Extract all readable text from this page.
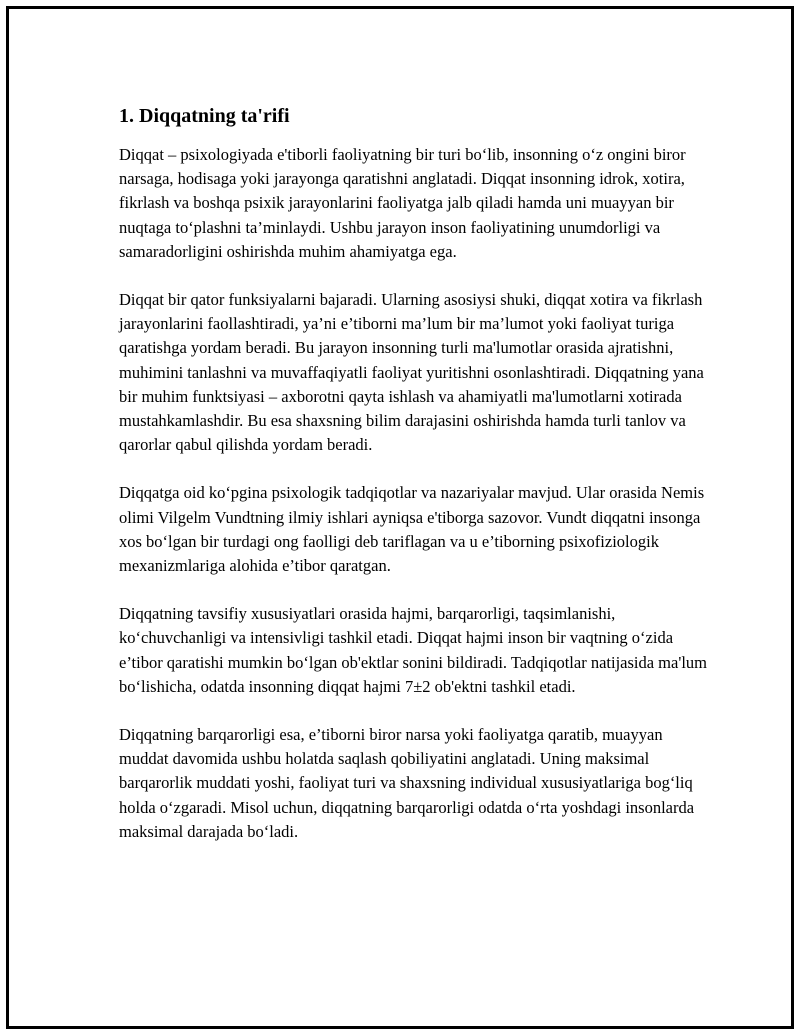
1. Diqqatning ta'rifi

Diqqat – psixologiyada e'tiborli faoliyatning bir turi bo‘lib, insonning o‘z ongini biror narsaga, hodisaga yoki jarayonga qaratishni anglatadi. Diqqat insonning idrok, xotira, fikrlash va boshqa psixik jarayonlarini faoliyatga jalb qiladi hamda uni muayyan bir nuqtaga to‘plashni ta’minlaydi. Ushbu jarayon inson faoliyatining unumdorligi va samaradorligini oshirishda muhim ahamiyatga ega.

Diqqat bir qator funksiyalarni bajaradi. Ularning asosiysi shuki, diqqat xotira va fikrlash jarayonlarini faollashtiradi, ya’ni e’tiborni ma’lum bir ma’lumot yoki faoliyat turiga qaratishga yordam beradi. Bu jarayon insonning turli ma'lumotlar orasida ajratishni, muhimini tanlashni va muvaffaqiyatli faoliyat yuritishni osonlashtiradi. Diqqatning yana bir muhim funktsiyasi – axborotni qayta ishlash va ahamiyatli ma'lumotlarni xotirada mustahkamlashdir. Bu esa shaxsning bilim darajasini oshirishda hamda turli tanlov va qarorlar qabul qilishda yordam beradi.

Diqqatga oid ko‘pgina psixologik tadqiqotlar va nazariyalar mavjud. Ular orasida Nemis olimi Vilgelm Vundtning ilmiy ishlari ayniqsa e'tiborga sazovor. Vundt diqqatni insonga xos bo‘lgan bir turdagi ong faolligi deb tariflagan va u e’tiborning psixofiziologik mexanizmlariga alohida e’tibor qaratgan.

Diqqatning tavsifiy xususiyatlari orasida hajmi, barqarorligi, taqsimlanishi, ko‘chuvchanligi va intensivligi tashkil etadi. Diqqat hajmi inson bir vaqtning o‘zida e’tibor qaratishi mumkin bo‘lgan ob'ektlar sonini bildiradi. Tadqiqotlar natijasida ma'lum bo‘lishicha, odatda insonning diqqat hajmi 7±2 ob'ektni tashkil etadi.

Diqqatning barqarorligi esa, e’tiborni biror narsa yoki faoliyatga qaratib, muayyan muddat davomida ushbu holatda saqlash qobiliyatini anglatadi. Uning maksimal barqarorlik muddati yoshi, faoliyat turi va shaxsning individual xususiyatlariga bog‘liq holda o‘zgaradi. Misol uchun, diqqatning barqarorligi odatda o‘rta yoshdagi insonlarda maksimal darajada bo‘ladi.
